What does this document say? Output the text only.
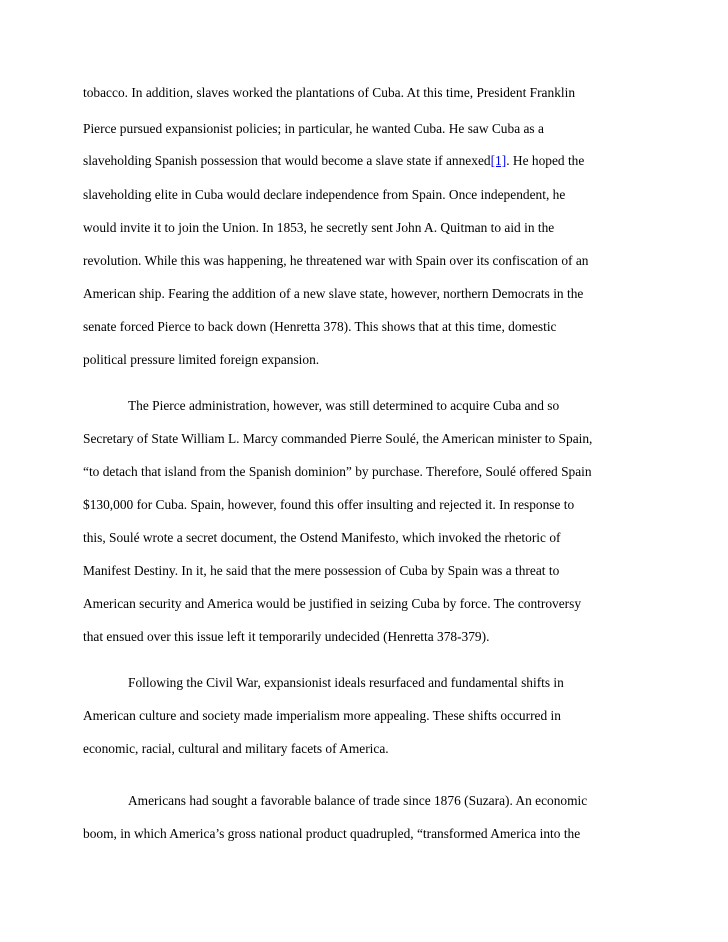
tobacco. In addition, slaves worked the plantations of Cuba. At this time, President Franklin
Pierce pursued expansionist policies; in particular, he wanted Cuba. He saw Cuba as a
slaveholding Spanish possession that would become a slave state if annexed[1]. He hoped the
slaveholding elite in Cuba would declare independence from Spain. Once independent, he
would invite it to join the Union. In 1853, he secretly sent John A. Quitman to aid in the
revolution. While this was happening, he threatened war with Spain over its confiscation of an
American ship. Fearing the addition of a new slave state, however, northern Democrats in the
senate forced Pierce to back down (Henretta 378). This shows that at this time, domestic
political pressure limited foreign expansion.
The Pierce administration, however, was still determined to acquire Cuba and so
Secretary of State William L. Marcy commanded Pierre Soulé, the American minister to Spain,
“to detach that island from the Spanish dominion” by purchase. Therefore, Soulé offered Spain
$130,000 for Cuba. Spain, however, found this offer insulting and rejected it. In response to
this, Soulé wrote a secret document, the Ostend Manifesto, which invoked the rhetoric of
Manifest Destiny. In it, he said that the mere possession of Cuba by Spain was a threat to
American security and America would be justified in seizing Cuba by force. The controversy
that ensued over this issue left it temporarily undecided (Henretta 378-379).
Following the Civil War, expansionist ideals resurfaced and fundamental shifts in
American culture and society made imperialism more appealing. These shifts occurred in
economic, racial, cultural and military facets of America.
Americans had sought a favorable balance of trade since 1876 (Suzara). An economic
boom, in which America’s gross national product quadrupled, “transformed America into the
